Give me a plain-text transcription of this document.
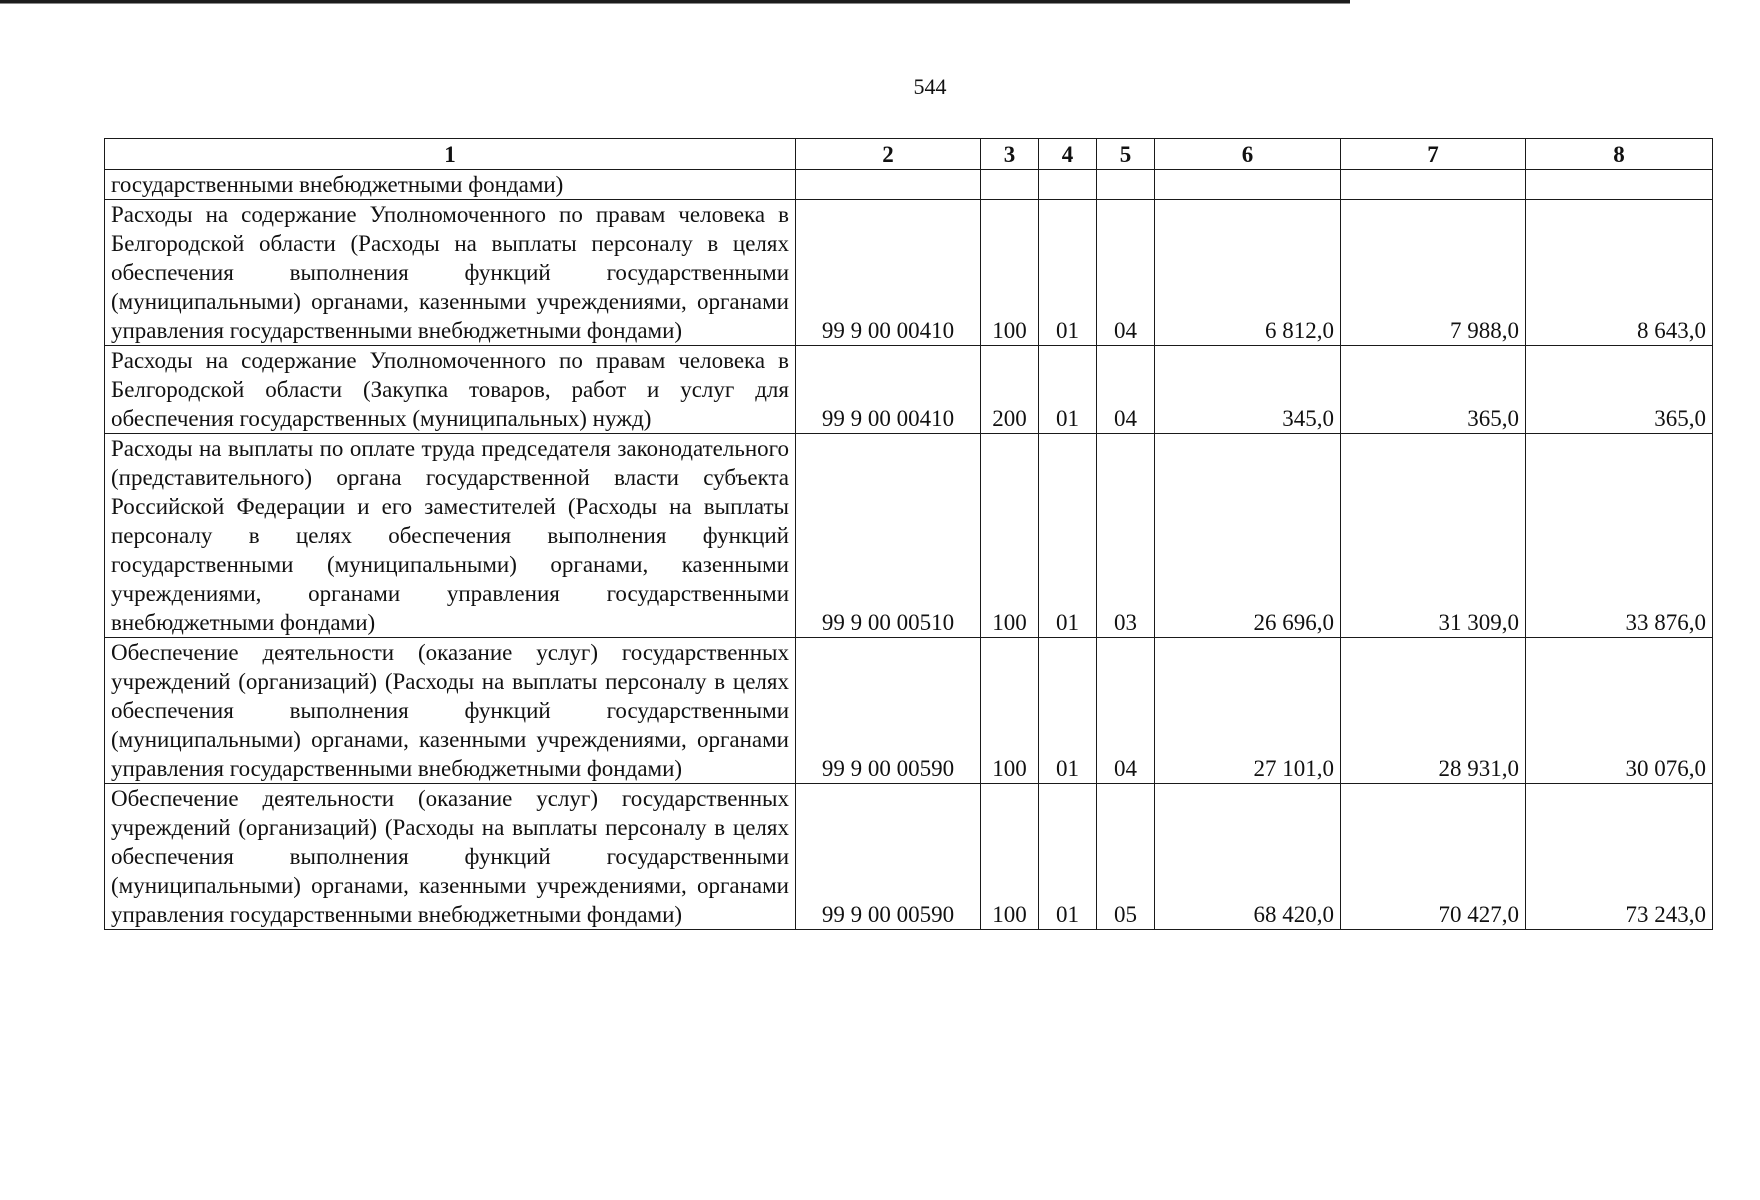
544
1	2	3	4	5	6	7	8
государственными внебюджетными фондами)							
Расходы на содержание Уполномоченного по правам человека в Белгородской области (Расходы на выплаты персоналу в целях обеспечения выполнения функций государственными (муниципальными) органами, казенными учреждениями, органами управления государственными внебюджетными фондами)	99 9 00 00410	100	01	04	6 812,0	7 988,0	8 643,0
Расходы на содержание Уполномоченного по правам человека в Белгородской области (Закупка товаров, работ и услуг для обеспечения государственных (муниципальных) нужд)	99 9 00 00410	200	01	04	345,0	365,0	365,0
Расходы на выплаты по оплате труда председателя законодательного (представительного) органа государственной власти субъекта Российской Федерации и его заместителей (Расходы на выплаты персоналу в целях обеспечения выполнения функций государственными (муниципальными) органами, казенными учреждениями, органами управления государственными внебюджетными фондами)	99 9 00 00510	100	01	03	26 696,0	31 309,0	33 876,0
Обеспечение деятельности (оказание услуг) государственных учреждений (организаций) (Расходы на выплаты персоналу в целях обеспечения выполнения функций государственными (муниципальными) органами, казенными учреждениями, органами управления государственными внебюджетными фондами)	99 9 00 00590	100	01	04	27 101,0	28 931,0	30 076,0
Обеспечение деятельности (оказание услуг) государственных учреждений (организаций) (Расходы на выплаты персоналу в целях обеспечения выполнения функций государственными (муниципальными) органами, казенными учреждениями, органами управления государственными внебюджетными фондами)	99 9 00 00590	100	01	05	68 420,0	70 427,0	73 243,0
